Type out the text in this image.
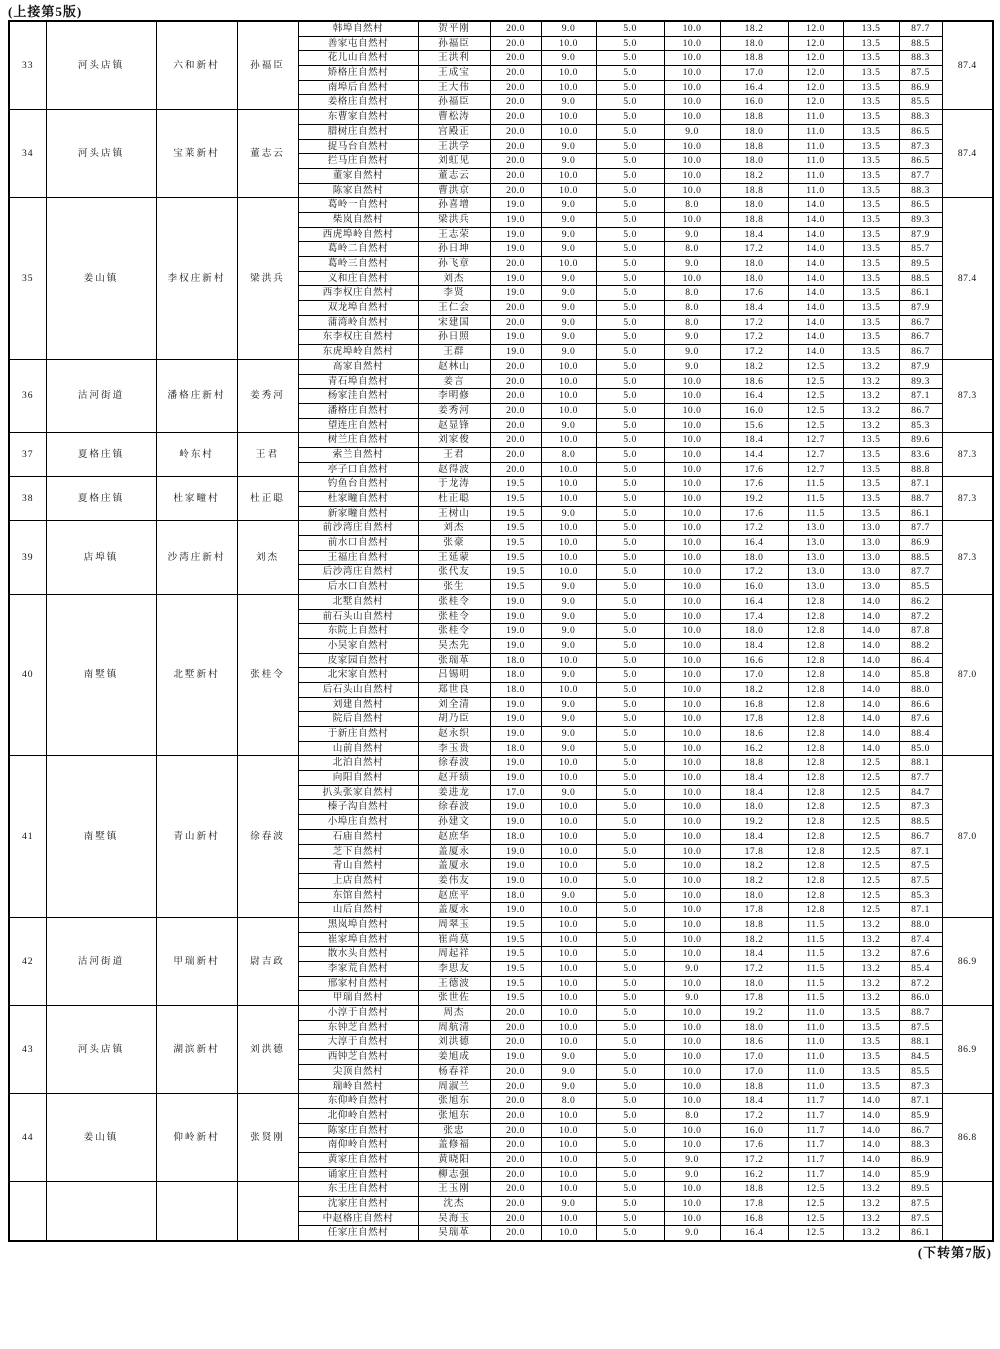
(上接第5版)
33	河头店镇	六和新村	孙福臣	韩埠自然村	贺平刚	20.0	9.0	5.0	10.0	18.2	12.0	13.5	87.7	87.4
				善家屯自然村	孙福臣	20.0	10.0	5.0	10.0	18.0	12.0	13.5	88.5	
				花儿山自然村	王洪利	20.0	9.0	5.0	10.0	18.8	12.0	13.5	88.3	
				矫格庄自然村	王成宝	20.0	10.0	5.0	10.0	17.0	12.0	13.5	87.5	
				南埠后自然村	王大伟	20.0	10.0	5.0	10.0	16.4	12.0	13.5	86.9	
				姜格庄自然村	孙福臣	20.0	9.0	5.0	10.0	16.0	12.0	13.5	85.5	
34	河头店镇	宝莱新村	董志云	东曹家自然村	曹松涛	20.0	10.0	5.0	10.0	18.8	11.0	13.5	88.3	87.4
				腊树庄自然村	宫殿正	20.0	10.0	5.0	9.0	18.0	11.0	13.5	86.5	
				捉马台自然村	王洪学	20.0	9.0	5.0	10.0	18.8	11.0	13.5	87.3	
				拦马庄自然村	刘虹见	20.0	9.0	5.0	10.0	18.0	11.0	13.5	86.5	
				董家自然村	董志云	20.0	10.0	5.0	10.0	18.2	11.0	13.5	87.7	
				陈家自然村	曹洪京	20.0	10.0	5.0	10.0	18.8	11.0	13.5	88.3	
35	姜山镇	李权庄新村	梁洪兵	葛岭一自然村	孙喜增	19.0	9.0	5.0	8.0	18.0	14.0	13.5	86.5	87.4
				柴岚自然村	梁洪兵	19.0	9.0	5.0	10.0	18.8	14.0	13.5	89.3	
				西虎埠岭自然村	王志荣	19.0	9.0	5.0	9.0	18.4	14.0	13.5	87.9	
				葛岭二自然村	孙日坤	19.0	9.0	5.0	8.0	17.2	14.0	13.5	85.7	
				葛岭三自然村	孙飞章	20.0	10.0	5.0	9.0	18.0	14.0	13.5	89.5	
				义和庄自然村	刘杰	19.0	9.0	5.0	10.0	18.0	14.0	13.5	88.5	
				西李权庄自然村	李贤	19.0	9.0	5.0	8.0	17.6	14.0	13.5	86.1	
				双龙埠自然村	王仁会	20.0	9.0	5.0	8.0	18.4	14.0	13.5	87.9	
				蒲湾岭自然村	宋建国	20.0	9.0	5.0	8.0	17.2	14.0	13.5	86.7	
				东李权庄自然村	孙日照	19.0	9.0	5.0	9.0	17.2	14.0	13.5	86.7	
				东虎埠岭自然村	王群	19.0	9.0	5.0	9.0	17.2	14.0	13.5	86.7	
36	沽河街道	潘格庄新村	姜秀河	高家自然村	赵林山	20.0	10.0	5.0	9.0	18.2	12.5	13.2	87.9	87.3
				青石埠自然村	姜言	20.0	10.0	5.0	10.0	18.6	12.5	13.2	89.3	
				杨家洼自然村	李明修	20.0	10.0	5.0	10.0	16.4	12.5	13.2	87.1	
				潘格庄自然村	姜秀河	20.0	10.0	5.0	10.0	16.0	12.5	13.2	86.7	
				望连庄自然村	赵显锋	20.0	9.0	5.0	10.0	15.6	12.5	13.2	85.3	
37	夏格庄镇	岭东村	王君	树兰庄自然村	刘家俊	20.0	10.0	5.0	10.0	18.4	12.7	13.5	89.6	87.3
				索兰自然村	王君	20.0	8.0	5.0	10.0	14.4	12.7	13.5	83.6	
				亭子口自然村	赵得波	20.0	10.0	5.0	10.0	17.6	12.7	13.5	88.8	
38	夏格庄镇	杜家疃村	杜正聪	钓鱼台自然村	于龙涛	19.5	10.0	5.0	10.0	17.6	11.5	13.5	87.1	87.3
				杜家疃自然村	杜正聪	19.5	10.0	5.0	10.0	19.2	11.5	13.5	88.7	
				新家疃自然村	王树山	19.5	9.0	5.0	10.0	17.6	11.5	13.5	86.1	
39	店埠镇	沙湾庄新村	刘杰	前沙湾庄自然村	刘杰	19.5	10.0	5.0	10.0	17.2	13.0	13.0	87.7	87.3
				前水口自然村	张豪	19.5	10.0	5.0	10.0	16.4	13.0	13.0	86.9	
				王福庄自然村	王延蒙	19.5	10.0	5.0	10.0	18.0	13.0	13.0	88.5	
				后沙湾庄自然村	张代友	19.5	10.0	5.0	10.0	17.2	13.0	13.0	87.7	
				后水口自然村	张生	19.5	9.0	5.0	10.0	16.0	13.0	13.0	85.5	
40	南墅镇	北墅新村	张桂令	北墅自然村	张桂令	19.0	9.0	5.0	10.0	16.4	12.8	14.0	86.2	87.0
				前石头山自然村	张桂令	19.0	9.0	5.0	10.0	17.4	12.8	14.0	87.2	
				东院上自然村	张桂令	19.0	9.0	5.0	10.0	18.0	12.8	14.0	87.8	
				小吴家自然村	吴杰先	19.0	9.0	5.0	10.0	18.4	12.8	14.0	88.2	
				皮家园自然村	张瑞革	18.0	10.0	5.0	10.0	16.6	12.8	14.0	86.4	
				北宋家自然村	吕锡明	18.0	9.0	5.0	10.0	17.0	12.8	14.0	85.8	
				后石头山自然村	郑世良	18.0	10.0	5.0	10.0	18.2	12.8	14.0	88.0	
				刘建自然村	刘全清	19.0	9.0	5.0	10.0	16.8	12.8	14.0	86.6	
				院后自然村	胡乃臣	19.0	9.0	5.0	10.0	17.8	12.8	14.0	87.6	
				于新庄自然村	赵永织	19.0	9.0	5.0	10.0	18.6	12.8	14.0	88.4	
				山前自然村	李玉贵	18.0	9.0	5.0	10.0	16.2	12.8	14.0	85.0	
41	南墅镇	青山新村	徐春波	北泊自然村	徐春波	19.0	10.0	5.0	10.0	18.8	12.8	12.5	88.1	87.0
				向阳自然村	赵开绩	19.0	10.0	5.0	10.0	18.4	12.8	12.5	87.7	
				扒头张家自然村	姜进龙	17.0	9.0	5.0	10.0	18.4	12.8	12.5	84.7	
				榛子沟自然村	徐春波	19.0	10.0	5.0	10.0	18.0	12.8	12.5	87.3	
				小埠庄自然村	孙建文	19.0	10.0	5.0	10.0	19.2	12.8	12.5	88.5	
				石庙自然村	赵庶华	18.0	10.0	5.0	10.0	18.4	12.8	12.5	86.7	
				芝下自然村	盖厦永	19.0	10.0	5.0	10.0	17.8	12.8	12.5	87.1	
				青山自然村	盖厦永	19.0	10.0	5.0	10.0	18.2	12.8	12.5	87.5	
				上店自然村	姜伟友	19.0	10.0	5.0	10.0	18.2	12.8	12.5	87.5	
				东馆自然村	赵庶平	18.0	9.0	5.0	10.0	18.0	12.8	12.5	85.3	
				山后自然村	盖厦永	19.0	10.0	5.0	10.0	17.8	12.8	12.5	87.1	
42	沽河街道	甲瑞新村	尉吉政	黑岚埠自然村	周翠玉	19.5	10.0	5.0	10.0	18.8	11.5	13.2	88.0	86.9
				崔家埠自然村	崔尚莫	19.5	10.0	5.0	10.0	18.2	11.5	13.2	87.4	
				散水头自然村	周起祥	19.5	10.0	5.0	10.0	18.4	11.5	13.2	87.6	
				李家荒自然村	李思友	19.5	10.0	5.0	9.0	17.2	11.5	13.2	85.4	
				邢家村自然村	王德波	19.5	10.0	5.0	10.0	18.0	11.5	13.2	87.2	
				甲瑞自然村	张世佐	19.5	10.0	5.0	9.0	17.8	11.5	13.2	86.0	
43	河头店镇	湖滨新村	刘洪德	小淳于自然村	周杰	20.0	10.0	5.0	10.0	19.2	11.0	13.5	88.7	86.9
				东钟芝自然村	周航清	20.0	10.0	5.0	10.0	18.0	11.0	13.5	87.5	
				大淳于自然村	刘洪德	20.0	10.0	5.0	10.0	18.6	11.0	13.5	88.1	
				西钟芝自然村	姜旭成	19.0	9.0	5.0	10.0	17.0	11.0	13.5	84.5	
				尖顶自然村	杨春祥	20.0	9.0	5.0	10.0	17.0	11.0	13.5	85.5	
				瑞岭自然村	周淑兰	20.0	9.0	5.0	10.0	18.8	11.0	13.5	87.3	
44	姜山镇	仰岭新村	张贤刚	东仰岭自然村	张旭东	20.0	8.0	5.0	10.0	18.4	11.7	14.0	87.1	86.8
				北仰岭自然村	张旭东	20.0	10.0	5.0	8.0	17.2	11.7	14.0	85.9	
				陈家庄自然村	张忠	20.0	10.0	5.0	10.0	16.0	11.7	14.0	86.7	
				南仰岭自然村	盖修福	20.0	10.0	5.0	10.0	17.6	11.7	14.0	88.3	
				黄家庄自然村	黄晓阳	20.0	10.0	5.0	9.0	17.2	11.7	14.0	86.9	
				诵家庄自然村	柳志强	20.0	10.0	5.0	9.0	16.2	11.7	14.0	85.9	
				东王庄自然村	王玉刚	20.0	10.0	5.0	10.0	18.8	12.5	13.2	89.5	
				沈家庄自然村	沈杰	20.0	9.0	5.0	10.0	17.8	12.5	13.2	87.5	
				中赵格庄自然村	吴海玉	20.0	10.0	5.0	10.0	16.8	12.5	13.2	87.5	
				任家庄自然村	吴瑞革	20.0	10.0	5.0	9.0	16.4	12.5	13.2	86.1	
(下转第7版)
